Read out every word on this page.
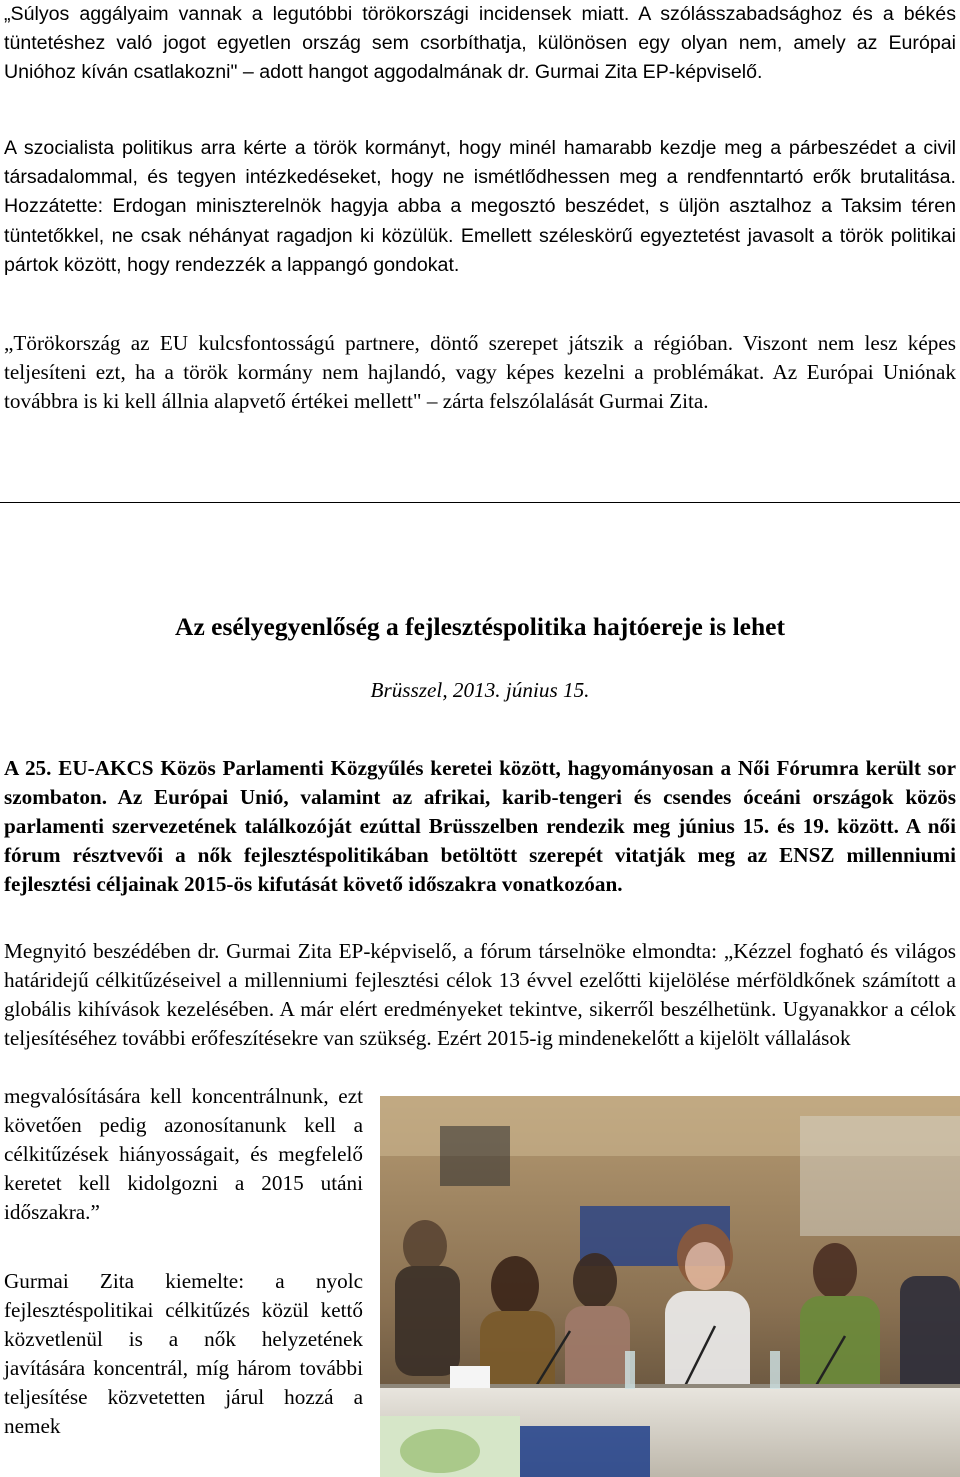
„Súlyos aggályaim vannak a legutóbbi törökországi incidensek miatt. A szólásszabadsághoz és a békés tüntetéshez való jogot egyetlen ország sem csorbíthatja, különösen egy olyan nem, amely az Európai Unióhoz kíván csatlakozni" – adott hangot aggodalmának dr. Gurmai Zita EP-képviselő.

A szocialista politikus arra kérte a török kormányt, hogy minél hamarabb kezdje meg a párbeszédet a civil társadalommal, és tegyen intézkedéseket, hogy ne ismétlődhessen meg a rendfenntartó erők brutalitása. Hozzátette: Erdogan miniszterelnök hagyja abba a megosztó beszédet, s üljön asztalhoz a Taksim téren tüntetőkkel, ne csak néhányat ragadjon ki közülük. Emellett széleskörű egyeztetést javasolt a török politikai pártok között, hogy rendezzék a lappangó gondokat.

„Törökország az EU kulcsfontosságú partnere, döntő szerepet játszik a régióban. Viszont nem lesz képes teljesíteni ezt, ha a török kormány nem hajlandó, vagy képes kezelni a problémákat. Az Európai Uniónak továbbra is ki kell állnia alapvető értékei mellett" – zárta felszólalását Gurmai Zita.

Az esélyegyenlőség a fejlesztéspolitika hajtóereje is lehet
Brüsszel, 2013. június 15.

A 25. EU-AKCS Közös Parlamenti Közgyűlés keretei között, hagyományosan a Női Fórumra került sor szombaton. Az Európai Unió, valamint az afrikai, karib-tengeri és csendes óceáni országok közös parlamenti szervezetének találkozóját ezúttal Brüsszelben rendezik meg június 15. és 19. között. A női fórum résztvevői a nők fejlesztéspolitikában betöltött szerepét vitatják meg az ENSZ millenniumi fejlesztési céljainak 2015-ös kifutását követő időszakra vonatkozóan.

Megnyitó beszédében dr. Gurmai Zita EP-képviselő, a fórum társelnöke elmondta: „Kézzel fogható és világos határidejű célkitűzéseivel a millenniumi fejlesztési célok 13 évvel ezelőtti kijelölése mérföldkőnek számított a globális kihívások kezelésében. A már elért eredményeket tekintve, sikerről beszélhetünk. Ugyanakkor a célok teljesítéséhez további erőfeszítésekre van szükség. Ezért 2015-ig mindenekelőtt a kijelölt vállalások

megvalósítására kell koncentrálnunk, ezt követően pedig azonosítanunk kell a célkitűzések hiányosságait, és megfelelő keretet kell kidolgozni a 2015 utáni időszakra.”

Gurmai Zita kiemelte: a nyolc fejlesztéspolitikai célkitűzés közül kettő közvetlenül is a nők helyzetének javítására koncentrál, míg három további teljesítése közvetetten járul hozzá a nemek
